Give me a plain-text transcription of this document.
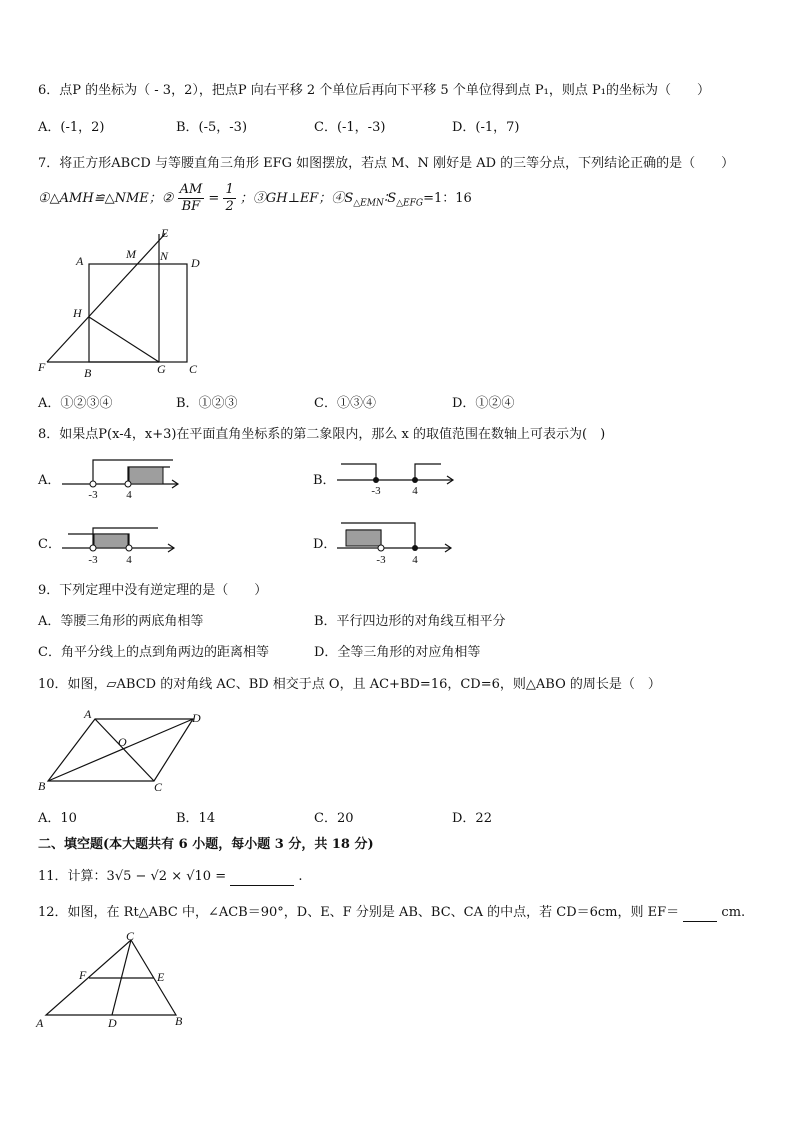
6．点P 的坐标为（ - 3，2），把点P 向右平移 2 个单位后再向下平移 5 个单位得到点 P₁，则点 P₁的坐标为（　　）
A．(-1，2)	B．(-5，-3)	C．(-1，-3)	D．(-1，7)
7．将正方形ABCD 与等腰直角三角形 EFG 如图摆放，若点 M、N 刚好是 AD 的三等分点，下列结论正确的是（　　）
①△AMH≌△NME；② $\frac{AM}{BF} = \frac{1}{2}$ ；③GH⊥EF；$④S_{\triangle EMN}∶S_{\triangle EFG}=1$：16
A	M
E
N D
H
F	B	G C
A．①②③④	B．①②③	C．①③④	D．①②④
8．如果点P(x-4，x+3)在平面直角坐标系的第二象限内，那么 x 的取值范围在数轴上可表示为(　)
A．
-3	4
B．
-3	4
C．
-3	4
D．
-3 4
9．下列定理中没有逆定理的是（　　）
A．等腰三角形的两底角相等	B．平行四边形的对角线互相平分
C．角平分线上的点到角两边的距离相等	D．全等三角形的对应角相等
10．如图，▱ABCD 的对角线 AC、BD 相交于点 O，且 AC+BD=16，CD=6，则△ABO 的周长是（　）
A	D
O
B	C
A．10	B．14	C．20	D．22
二、填空题(本大题共有 6 小题，每小题 3 分，共 18 分)
11．计算：3√5 − √2 × √10 =	.
12．如图，在 Rt△ABC 中，∠ACB＝90°，D、E、F 分别是 AB、BC、CA 的中点，若 CD＝6cm，则 EF＝	cm.
C
F	E
A	D	B
